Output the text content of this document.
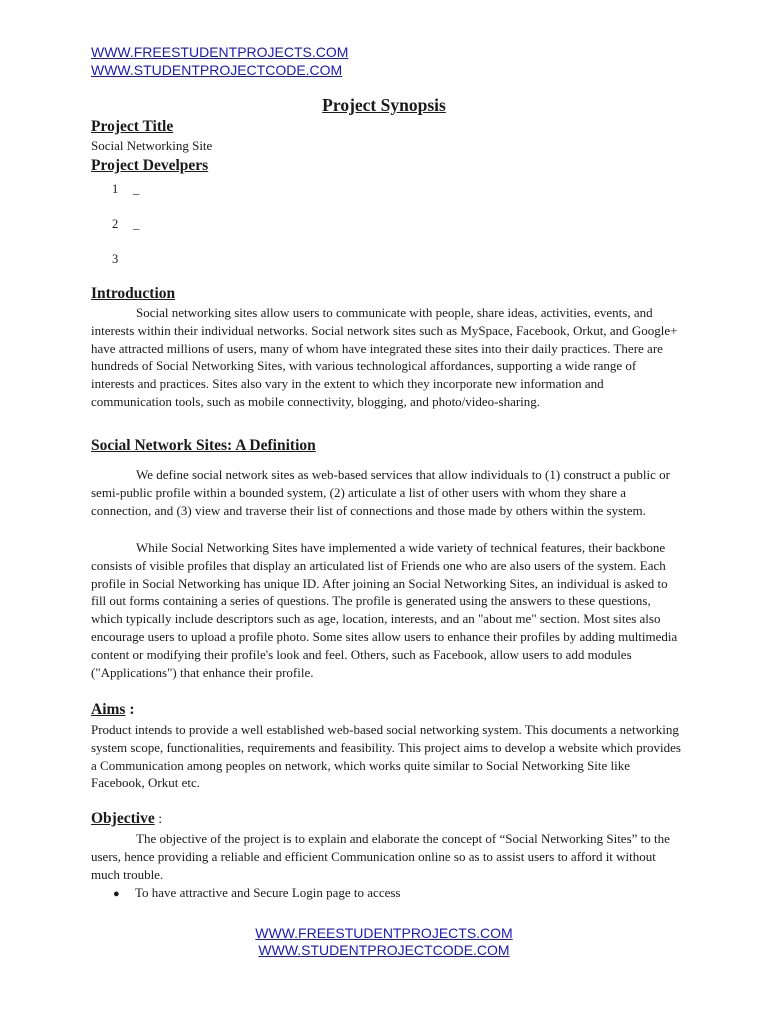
WWW.FREESTUDENTPROJECTS.COM
WWW.STUDENTPROJECTCODE.COM
Project Synopsis
Project Title
Social Networking Site
Project Develpers
1 _
2 _
3
Introduction

Social networking sites allow users to communicate with people, share ideas, activities, events, and interests within their individual networks. Social network sites such as MySpace, Facebook, Orkut, and Google+ have attracted millions of users, many of whom have integrated these sites into their daily practices. There are hundreds of Social Networking Sites, with various technological affordances, supporting a wide range of interests and practices. Sites also vary in the extent to which they incorporate new information and communication tools, such as mobile connectivity, blogging, and photo/video-sharing.

Social Network Sites: A Definition

We define social network sites as web-based services that allow individuals to (1) construct a public or semi-public profile within a bounded system, (2) articulate a list of other users with whom they share a connection, and (3) view and traverse their list of connections and those made by others within the system.

While Social Networking Sites have implemented a wide variety of technical features, their backbone consists of visible profiles that display an articulated list of Friends one who are also users of the system. Each profile in Social Networking has unique ID. After joining an Social Networking Sites, an individual is asked to fill out forms containing a series of questions. The profile is generated using the answers to these questions, which typically include descriptors such as age, location, interests, and an "about me" section. Most sites also encourage users to upload a profile photo. Some sites allow users to enhance their profiles by adding multimedia content or modifying their profile's look and feel. Others, such as Facebook, allow users to add modules ("Applications") that enhance their profile.

Aims :

Product intends to provide a well established web-based social networking system. This documents a networking system scope, functionalities, requirements and feasibility. This project aims to develop a website which provides a Communication among peoples on network, which works quite similar to Social Networking Site like Facebook, Orkut etc.

Objective :

The objective of the project is to explain and elaborate the concept of “Social Networking Sites” to the users, hence providing a reliable and efficient Communication online so as to assist users to afford it without much trouble.

● To have attractive and Secure Login page to access
WWW.FREESTUDENTPROJECTS.COM
WWW.STUDENTPROJECTCODE.COM
